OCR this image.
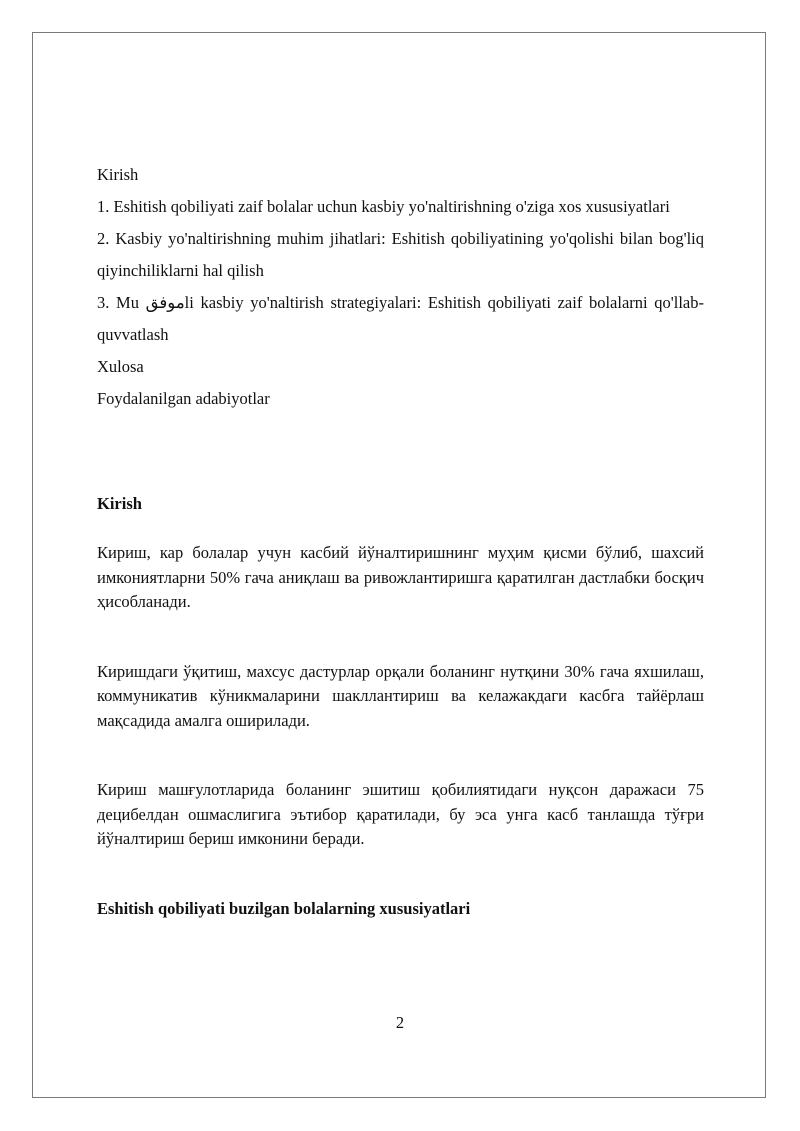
Kirish

1. Eshitish qobiliyati zaif bolalar uchun kasbiy yo'naltirishning o'ziga xos xususiyatlari

2. Kasbiy yo'naltirishning muhim jihatlari: Eshitish qobiliyatining yo'qolishi bilan bog'liq qiyinchiliklarni hal qilish

3. Mu موفقli kasbiy yo'naltirish strategiyalari: Eshitish qobiliyati zaif bolalarni qo'llab-quvvatlash

Xulosa

Foydalanilgan adabiyotlar

Kirish

Кириш, кар болалар учун касбий йўналтиришнинг муҳим қисми бўлиб, шахсий имкониятларни 50% гача аниқлаш ва ривожлантиришга қаратилган дастлабки босқич ҳисобланади.

Киришдаги ўқитиш, махсус дастурлар орқали боланинг нутқини 30% гача яхшилаш, коммуникатив кўникмаларини шакллантириш ва келажакдаги касбга тайёрлаш мақсадида амалга оширилади.

Кириш машғулотларида боланинг эшитиш қобилиятидаги нуқсон даражаси 75 децибелдан ошмаслигига эътибор қаратилади, бу эса унга касб танлашда тўғри йўналтириш бериш имконини беради.

Eshitish qobiliyati buzilgan bolalarning xususiyatlari
2
